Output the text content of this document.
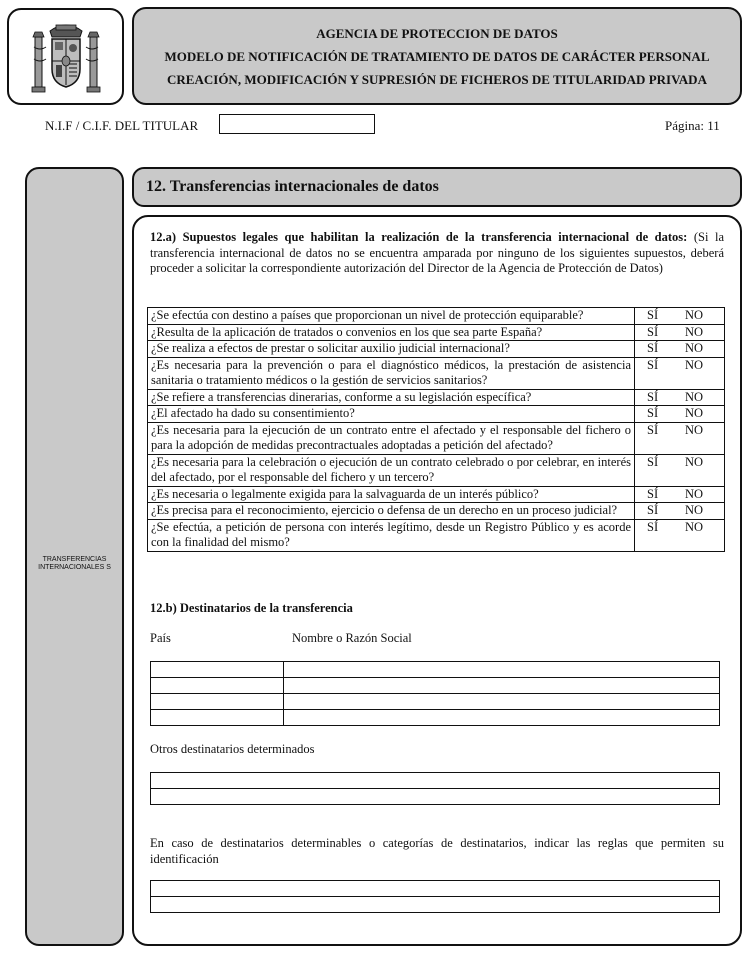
AGENCIA DE PROTECCION DE DATOS
MODELO DE NOTIFICACIÓN DE TRATAMIENTO DE DATOS DE CARÁCTER PERSONAL
CREACIÓN, MODIFICACIÓN Y SUPRESIÓN DE FICHEROS DE TITULARIDAD PRIVADA
N.I.F / C.I.F. DEL TITULAR	Página: 11
TRANSFERENCIAS INTERNACIONALES S
12. Transferencias internacionales de datos
12.a) Supuestos legales que habilitan la realización de la transferencia internacional de datos: (Si la transferencia internacional de datos no se encuentra amparada por ninguno de los siguientes supuestos, deberá proceder a solicitar la correspondiente autorización del Director de la Agencia de Protección de Datos)
¿Se efectúa con destino a países que proporcionan un nivel de protección equiparable?	SÍ NO
¿Resulta de la aplicación de tratados o convenios en los que sea parte España?	SÍ NO
¿Se realiza a efectos de prestar o solicitar auxilio judicial internacional?	SÍ NO
¿Es necesaria para la prevención o para el diagnóstico médicos, la prestación de asistencia sanitaria o tratamiento médicos o la gestión de servicios sanitarios?	SÍ NO
¿Se refiere a transferencias dinerarias, conforme a su legislación específica?	SÍ NO
¿El afectado ha dado su consentimiento?	SÍ NO
¿Es necesaria para la ejecución de un contrato entre el afectado y el responsable del fichero o para la adopción de medidas precontractuales adoptadas a petición del afectado?	SÍ NO
¿Es necesaria para la celebración o ejecución de un contrato celebrado o por celebrar, en interés del afectado, por el responsable del fichero y un tercero?	SÍ NO
¿Es necesaria o legalmente exigida para la salvaguarda de un interés público?	SÍ NO
¿Es precisa para el reconocimiento, ejercicio o defensa de un derecho en un proceso judicial?	SÍ NO
¿Se efectúa, a petición de persona con interés legítimo, desde un Registro Público y es acorde con la finalidad del mismo?	SÍ NO
12.b) Destinatarios de la transferencia
País	Nombre o Razón Social

Otros destinatarios determinados

En caso de destinatarios determinables o categorías de destinatarios, indicar las reglas que permiten su identificación
